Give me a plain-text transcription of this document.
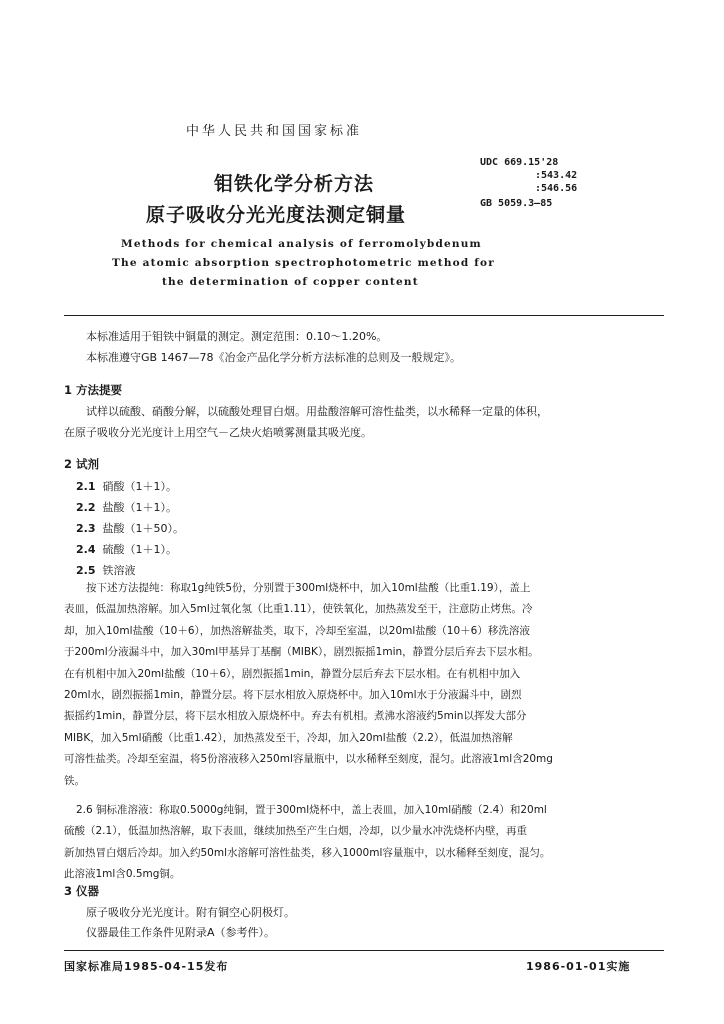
中华人民共和国国家标准
钼铁化学分析方法
原子吸收分光光度法测定铜量
UDC 669.15'28
:543.42
:546.56
GB 5059.3—85
Methods for chemical analysis of ferromolybdenum
The atomic absorption spectrophotometric method for
the determination of copper content
本标准适用于钼铁中铜量的测定。测定范围：0.10～1.20%。
本标准遵守GB 1467—78《冶金产品化学分析方法标准的总则及一般规定》。
1 方法提要
试样以硫酸、硝酸分解，以硫酸处理冒白烟。用盐酸溶解可溶性盐类，以水稀释一定量的体积，
在原子吸收分光光度计上用空气－乙炔火焰喷雾测量其吸光度。
2 试剂
2.1 硝酸（1＋1）。
2.2 盐酸（1＋1）。
2.3 盐酸（1＋50）。
2.4 硫酸（1＋1）。
2.5 铁溶液
按下述方法提纯：称取1g纯铁5份，分别置于300ml烧杯中，加入10ml盐酸（比重1.19），盖上
表皿，低温加热溶解。加入5ml过氧化氢（比重1.11），使铁氧化，加热蒸发至干，注意防止烤焦。冷
却，加入10ml盐酸（10＋6），加热溶解盐类，取下，冷却至室温，以20ml盐酸（10＋6）移洗溶液
于200ml分液漏斗中，加入30ml甲基异丁基酮（MIBK），剧烈振摇1min，静置分层后弃去下层水相。
在有机相中加入20ml盐酸（10＋6），剧烈振摇1min，静置分层后弃去下层水相。在有机相中加入
20ml水，剧烈振摇1min，静置分层。将下层水相放入原烧杯中。加入10ml水于分液漏斗中，剧烈
振摇约1min，静置分层，将下层水相放入原烧杯中。弃去有机相。煮沸水溶液约5min以挥发大部分
MIBK，加入5ml硝酸（比重1.42），加热蒸发至干，冷却，加入20ml盐酸（2.2），低温加热溶解
可溶性盐类。冷却至室温，将5份溶液移入250ml容量瓶中，以水稀释至刻度，混匀。此溶液1ml含20mg
铁。
2.6 铜标准溶液：称取0.5000g纯铜，置于300ml烧杯中，盖上表皿，加入10ml硝酸（2.4）和20ml
硫酸（2.1），低温加热溶解，取下表皿，继续加热至产生白烟，冷却，以少量水冲洗烧杯内壁，再重
新加热冒白烟后冷却。加入约50ml水溶解可溶性盐类，移入1000ml容量瓶中，以水稀释至刻度，混匀。
此溶液1ml含0.5mg铜。
3 仪器
原子吸收分光光度计。附有铜空心阴极灯。
仪器最佳工作条件见附录A（参考件）。
国家标准局1985-04-15发布	1986-01-01实施
